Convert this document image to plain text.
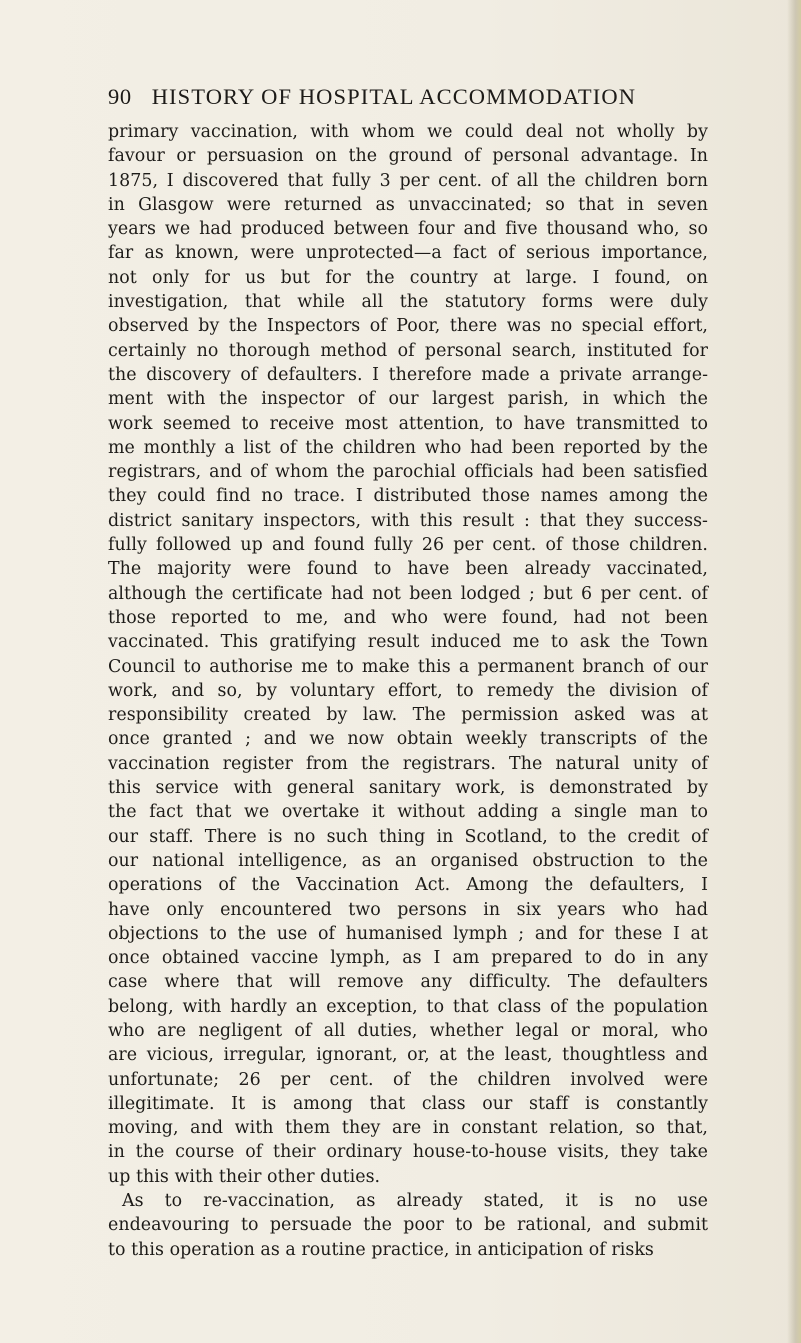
90 HISTORY OF HOSPITAL ACCOMMODATION
primary vaccination, with whom we could deal not wholly by
favour or persuasion on the ground of personal advantage. In
1875, I discovered that fully 3 per cent. of all the children born
in Glasgow were returned as unvaccinated; so that in seven
years we had produced between four and five thousand who, so
far as known, were unprotected—a fact of serious importance,
not only for us but for the country at large. I found, on
investigation, that while all the statutory forms were duly
observed by the Inspectors of Poor, there was no special effort,
certainly no thorough method of personal search, instituted for
the discovery of defaulters. I therefore made a private arrange-
ment with the inspector of our largest parish, in which the
work seemed to receive most attention, to have transmitted to
me monthly a list of the children who had been reported by the
registrars, and of whom the parochial officials had been satisfied
they could find no trace. I distributed those names among the
district sanitary inspectors, with this result : that they success-
fully followed up and found fully 26 per cent. of those children.
The majority were found to have been already vaccinated,
although the certificate had not been lodged ; but 6 per cent. of
those reported to me, and who were found, had not been
vaccinated. This gratifying result induced me to ask the Town
Council to authorise me to make this a permanent branch of our
work, and so, by voluntary effort, to remedy the division of
responsibility created by law. The permission asked was at
once granted ; and we now obtain weekly transcripts of the
vaccination register from the registrars. The natural unity of
this service with general sanitary work, is demonstrated by
the fact that we overtake it without adding a single man to
our staff. There is no such thing in Scotland, to the credit of
our national intelligence, as an organised obstruction to the
operations of the Vaccination Act. Among the defaulters, I
have only encountered two persons in six years who had
objections to the use of humanised lymph ; and for these I at
once obtained vaccine lymph, as I am prepared to do in any
case where that will remove any difficulty. The defaulters
belong, with hardly an exception, to that class of the population
who are negligent of all duties, whether legal or moral, who
are vicious, irregular, ignorant, or, at the least, thoughtless and
unfortunate; 26 per cent. of the children involved were
illegitimate. It is among that class our staff is constantly
moving, and with them they are in constant relation, so that,
in the course of their ordinary house-to-house visits, they take
up this with their other duties.
As to re-vaccination, as already stated, it is no use
endeavouring to persuade the poor to be rational, and submit
to this operation as a routine practice, in anticipation of risks
